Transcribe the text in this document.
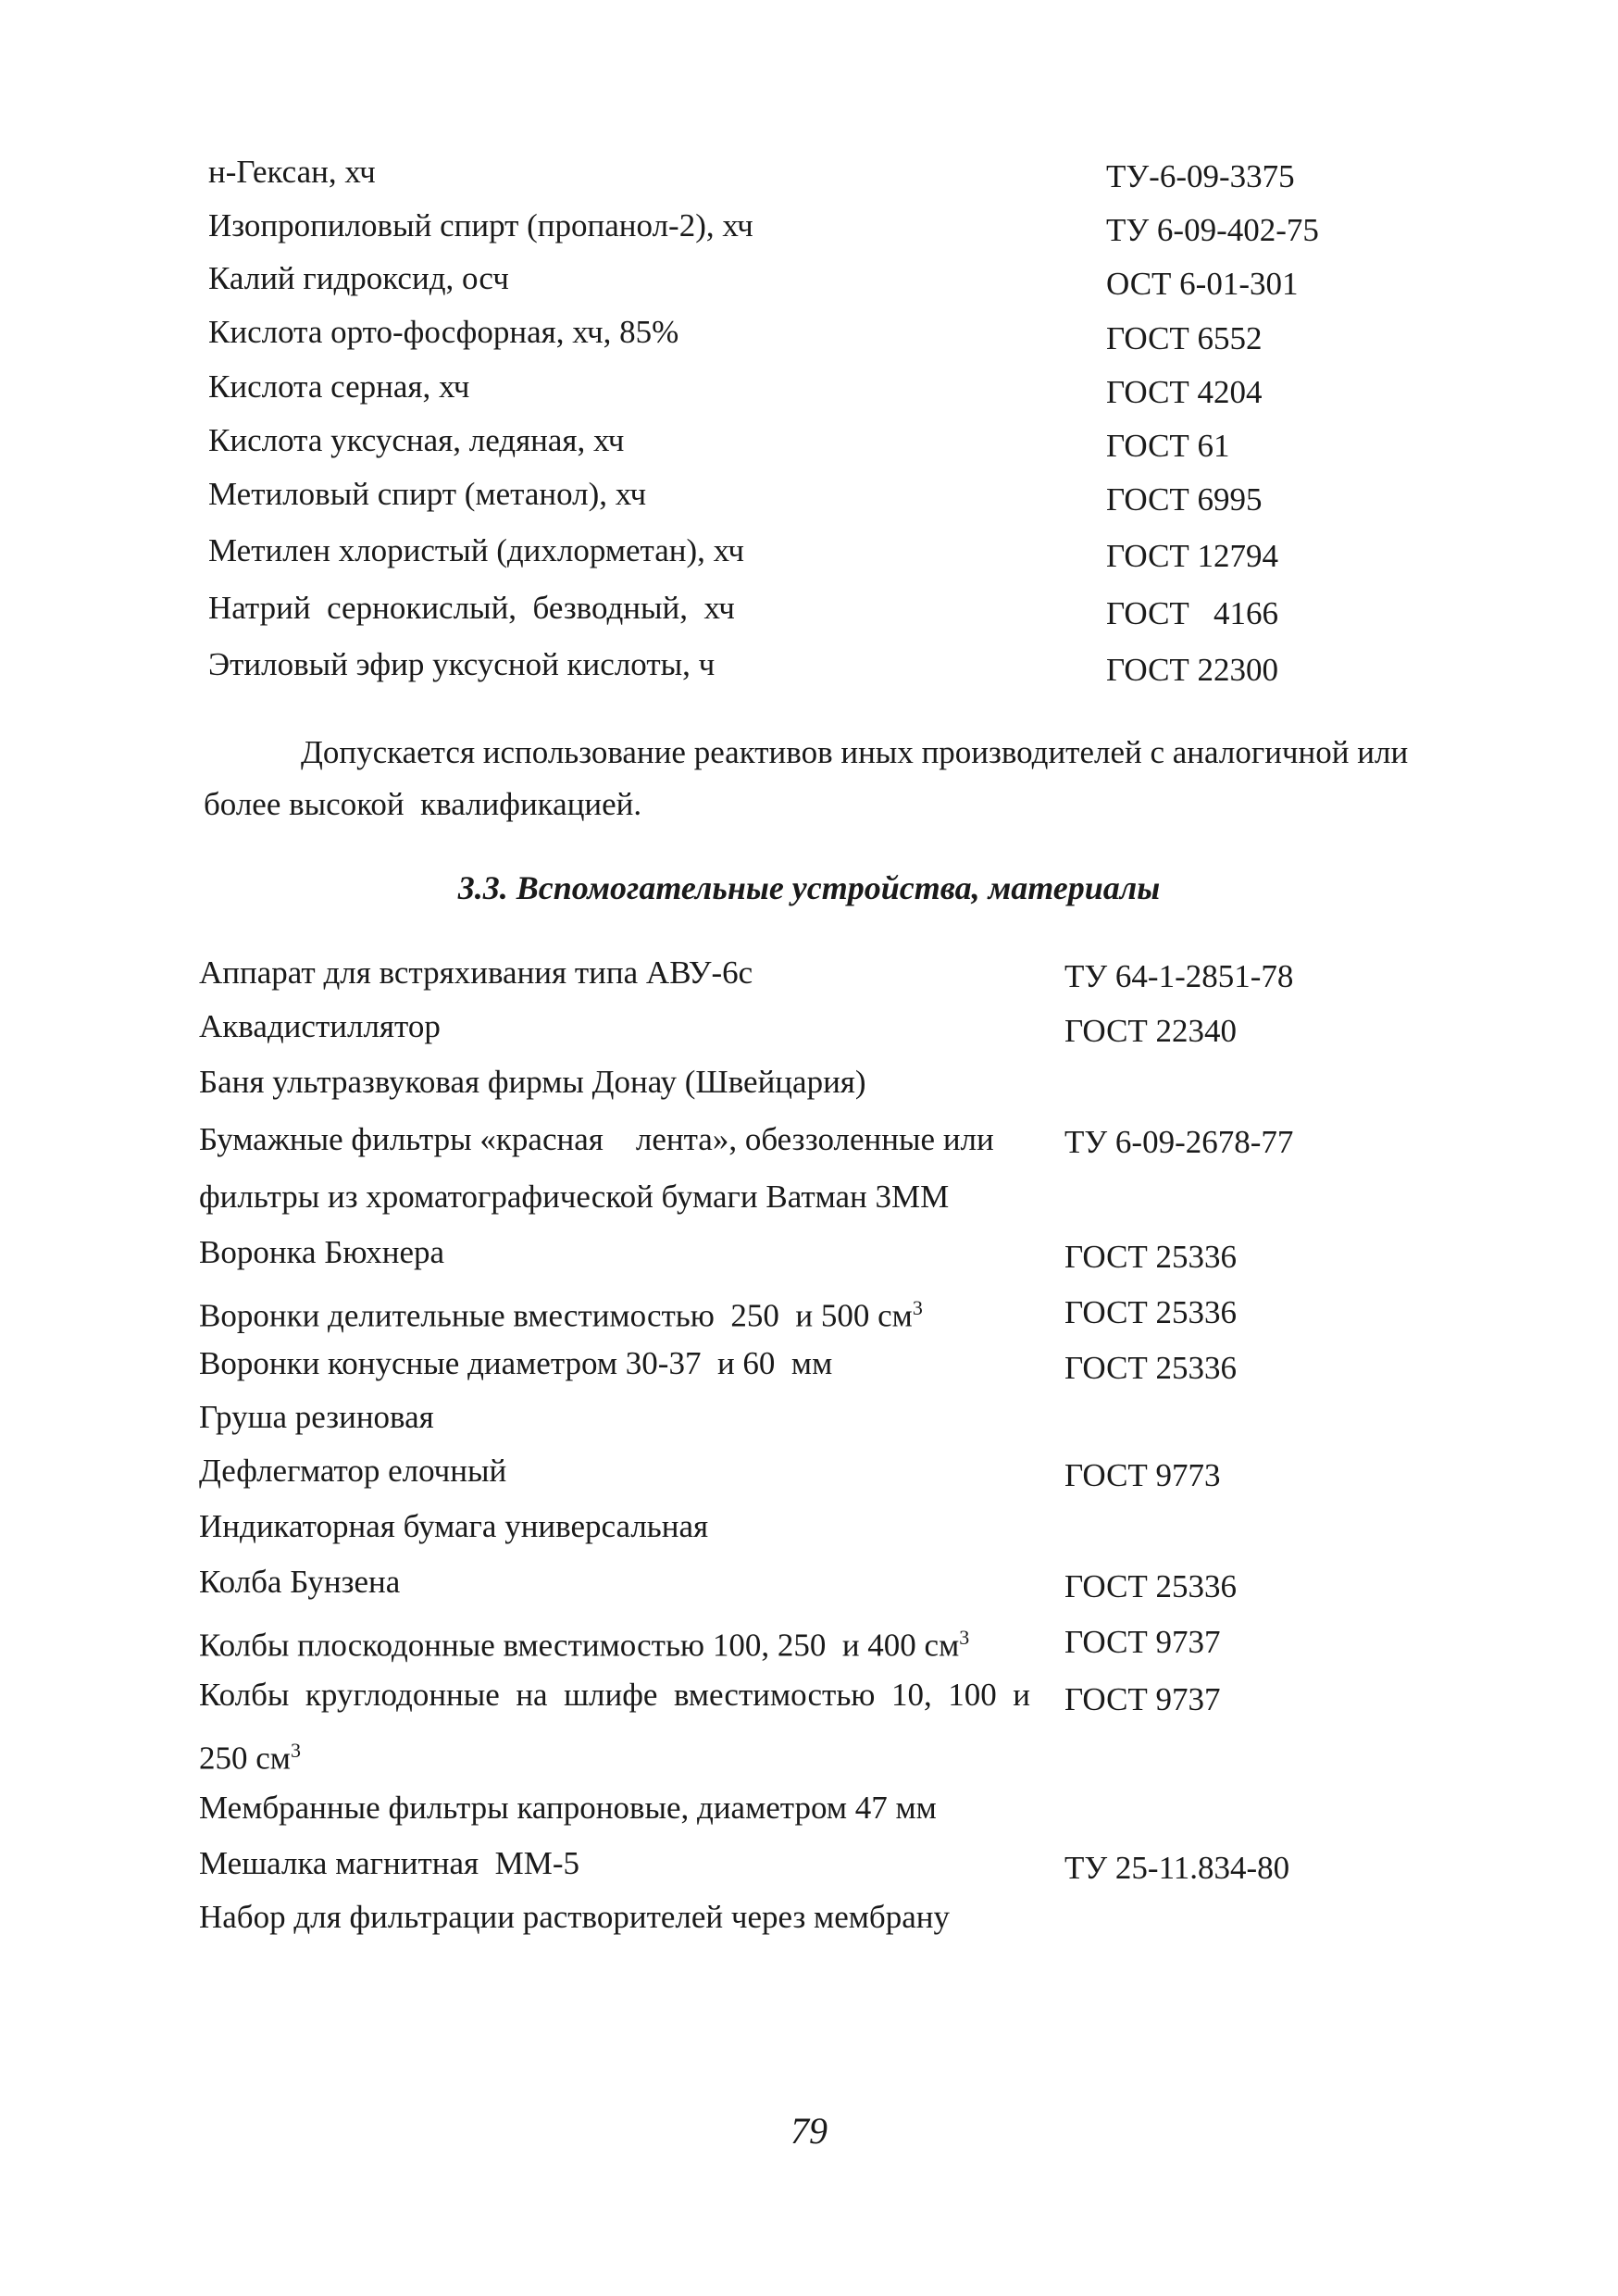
н-Гексан, хч	ТУ-6-09-3375
Изопропиловый спирт (пропанол-2), хч	ТУ 6-09-402-75
Калий гидроксид, осч	ОСТ 6-01-301
Кислота орто-фосфорная, хч, 85%	ГОСТ 6552
Кислота серная, хч	ГОСТ 4204
Кислота уксусная, ледяная, хч	ГОСТ 61
Метиловый спирт (метанол), хч	ГОСТ 6995
Метилен хлористый (дихлорметан), хч	ГОСТ 12794
Натрий  сернокислый,  безводный,  хч	ГОСТ   4166
Этиловый эфир уксусной кислоты, ч	ГОСТ 22300
Допускается использование реактивов иных производителей с аналогичной или
более высокой  квалификацией.
3.3. Вспомогательные устройства, материалы
Аппарат для встряхивания типа АВУ-6с	ТУ 64-1-2851-78
Аквадистиллятор	ГОСТ 22340
Баня ультразвуковая фирмы Донау (Швейцария)
Бумажные фильтры «красная    лента», обеззоленные или ТУ 6-09-2678-77
фильтры из хроматографической бумаги Ватман 3ММ
Воронка Бюхнера	ГОСТ 25336
Воронки делительные вместимостью  250  и 500 $см^3$	ГОСТ 25336
Воронки конусные диаметром 30-37  и 60  мм	ГОСТ 25336
Груша резиновая
Дефлегматор елочный	ГОСТ 9773
Индикаторная бумага универсальная
Колба Бунзена	ГОСТ 25336
Колбы плоскодонные вместимостью 100, 250  и 400 $см^3$	ГОСТ 9737
Колбы  круглодонные  на  шлифе  вместимостью  10,  100  и ГОСТ 9737
250 $см^3$
Мембранные фильтры капроновые, диаметром 47 мм
Мешалка магнитная  ММ-5	ТУ 25-11.834-80
Набор для фильтрации растворителей через мембрану
79
